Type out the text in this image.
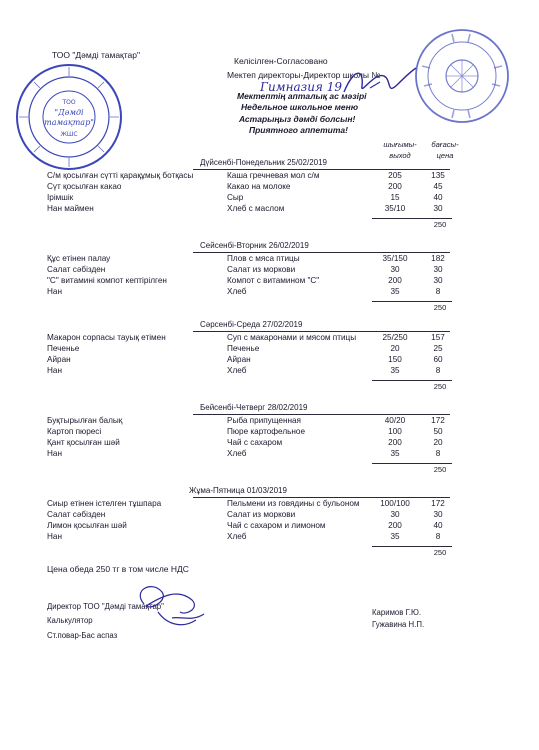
ТОО "Дәмді тамақтар"
Келісілген-Согласовано
Мектеп директоры-Директор школы №
Гимназия 19
ТОО
"Дәмді
тамақтар"
ЖШС
Мектептің апталық ас мәзірі
Недельное школьное меню
Астарыңыз дәмді болсын!
Приятного аппетита!
шығымы-
выход
бағасы-
цена
Дүйсенбі-Понедельник 25/02/2019
С/м қосылған сүтті қарақұмық ботқасы	Каша гречневая мол с/м	205	135
Сүт қосылған какао	Какао на молоке	200	45
Ірімшік	Сыр	15	40
Нан маймен	Хлеб с маслом	35/10	30
250
Сейсенбі-Вторник 26/02/2019
Құс етінен палау	Плов с мяса птицы	35/150	182
Салат сәбізден	Салат из моркови	30	30
"С" витамині компот кептірілген	Компот с витамином "С"	200	30
Нан	Хлеб	35	8
250
Сәрсенбі-Среда 27/02/2019
Макарон сорпасы тауық етімен	Суп с макаронами и мясом птицы	25/250	157
Печенье	Печенье	20	25
Айран	Айран	150	60
Нан	Хлеб	35	8
250
Бейсенбі-Четверг 28/02/2019
Буқтырылған балық	Рыба припущенная	40/20	172
Картоп пюресі	Пюре картофельное	100	50
Қант қосылған шәй	Чай с сахаром	200	20
Нан	Хлеб	35	8
250
Жұма-Пятница 01/03/2019
Сиыр етінен істелген тұшпара	Пельмени из говядины с бульоном	100/100	172
Салат сәбізден	Салат из моркови	30	30
Лимон қосылған шәй	Чай с сахаром и лимоном	200	40
Нан	Хлеб	35	8
250
Цена обеда 250 тг в том числе НДС
Директор ТОО "Дәмді тамақтар"
Калькулятор
Ст.повар-Бас аспаз
Каримов Г.Ю.
Гужавина Н.П.
